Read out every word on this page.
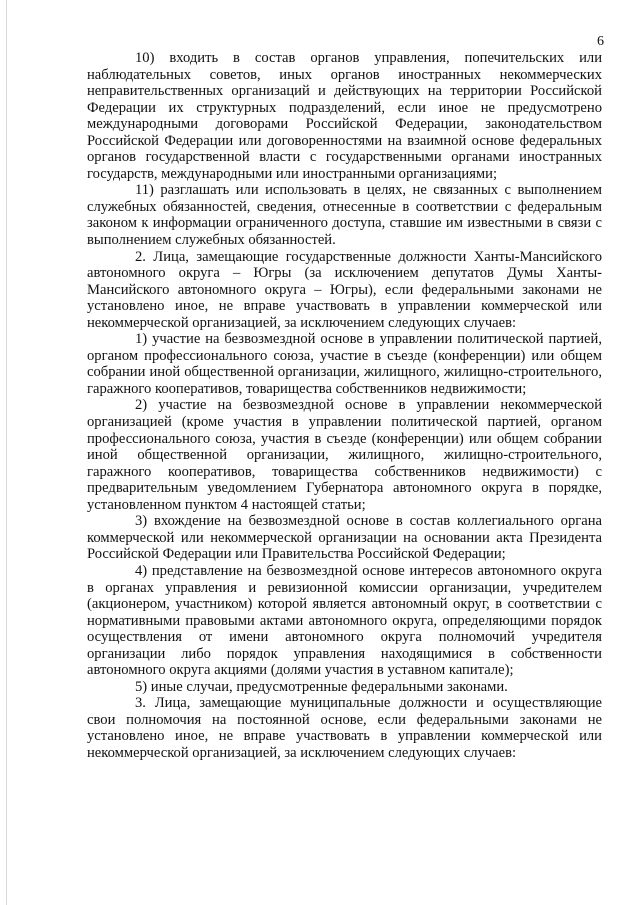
6

10) входить в состав органов управления, попечительских или наблюдательных советов, иных органов иностранных некоммерческих неправительственных организаций и действующих на территории Российской Федерации их структурных подразделений, если иное не предусмотрено международными договорами Российской Федерации, законодательством Российской Федерации или договоренностями на взаимной основе федеральных органов государственной власти с государственными органами иностранных государств, международными или иностранными организациями;

11) разглашать или использовать в целях, не связанных с выполнением служебных обязанностей, сведения, отнесенные в соответствии с федеральным законом к информации ограниченного доступа, ставшие им известными в связи с выполнением служебных обязанностей.

2. Лица, замещающие государственные должности Ханты-Мансийского автономного округа – Югры (за исключением депутатов Думы Ханты-Мансийского автономного округа – Югры), если федеральными законами не установлено иное, не вправе участвовать в управлении коммерческой или некоммерческой организацией, за исключением следующих случаев:

1) участие на безвозмездной основе в управлении политической партией, органом профессионального союза, участие в съезде (конференции) или общем собрании иной общественной организации, жилищного, жилищно-строительного, гаражного кооперативов, товарищества собственников недвижимости;

2) участие на безвозмездной основе в управлении некоммерческой организацией (кроме участия в управлении политической партией, органом профессионального союза, участия в съезде (конференции) или общем собрании иной общественной организации, жилищного, жилищно-строительного, гаражного кооперативов, товарищества собственников недвижимости) с предварительным уведомлением Губернатора автономного округа в порядке, установленном пунктом 4 настоящей статьи;

3) вхождение на безвозмездной основе в состав коллегиального органа коммерческой или некоммерческой организации на основании акта Президента Российской Федерации или Правительства Российской Федерации;

4) представление на безвозмездной основе интересов автономного округа в органах управления и ревизионной комиссии организации, учредителем (акционером, участником) которой является автономный округ, в соответствии с нормативными правовыми актами автономного округа, определяющими порядок осуществления от имени автономного округа полномочий учредителя организации либо порядок управления находящимися в собственности автономного округа акциями (долями участия в уставном капитале);

5) иные случаи, предусмотренные федеральными законами.

3. Лица, замещающие муниципальные должности и осуществляющие свои полномочия на постоянной основе, если федеральными законами не установлено иное, не вправе участвовать в управлении коммерческой или некоммерческой организацией, за исключением следующих случаев:
